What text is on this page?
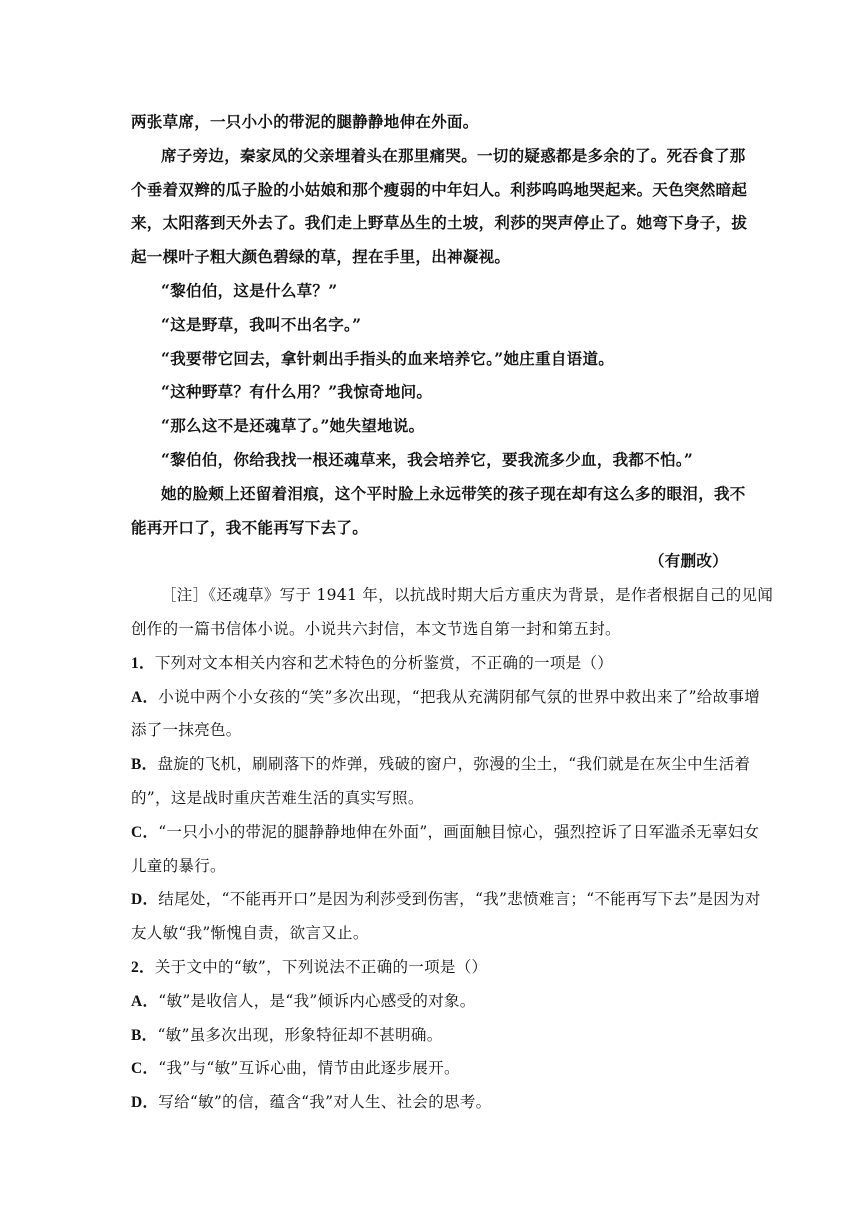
两张草席，一只小小的带泥的腿静静地伸在外面。
席子旁边，秦家凤的父亲埋着头在那里痛哭。一切的疑惑都是多余的了。死吞食了那
个垂着双辫的瓜子脸的小姑娘和那个瘦弱的中年妇人。利莎呜呜地哭起来。天色突然暗起
来，太阳落到天外去了。我们走上野草丛生的土坡，利莎的哭声停止了。她弯下身子，拔
起一棵叶子粗大颜色碧绿的草，捏在手里，出神凝视。
“黎伯伯，这是什么草？”
“这是野草，我叫不出名字。”
“我要带它回去，拿针刺出手指头的血来培养它。”她庄重自语道。
“这种野草？有什么用？”我惊奇地问。
“那么这不是还魂草了。”她失望地说。
“黎伯伯，你给我找一根还魂草来，我会培养它，要我流多少血，我都不怕。”
她的脸颊上还留着泪痕，这个平时脸上永远带笑的孩子现在却有这么多的眼泪，我不
能再开口了，我不能再写下去了。
（有删改）
［注］《还魂草》写于 1941 年，以抗战时期大后方重庆为背景，是作者根据自己的见闻
创作的一篇书信体小说。小说共六封信，本文节选自第一封和第五封。
1．下列对文本相关内容和艺术特色的分析鉴赏，不正确的一项是（）
A．小说中两个小女孩的“笑”多次出现，“把我从充满阴郁气氛的世界中救出来了”给故事增
添了一抹亮色。
B．盘旋的飞机，刷刷落下的炸弹，残破的窗户，弥漫的尘土，“我们就是在灰尘中生活着
的”，这是战时重庆苦难生活的真实写照。
C．“一只小小的带泥的腿静静地伸在外面”，画面触目惊心，强烈控诉了日军滥杀无辜妇女
儿童的暴行。
D．结尾处，“不能再开口”是因为利莎受到伤害，“我”悲愤难言；“不能再写下去”是因为对
友人敏“我”惭愧自责，欲言又止。
2．关于文中的“敏”，下列说法不正确的一项是（）
A．“敏”是收信人，是“我”倾诉内心感受的对象。
B．“敏”虽多次出现，形象特征却不甚明确。
C．“我”与“敏”互诉心曲，情节由此逐步展开。
D．写给“敏”的信，蕴含“我”对人生、社会的思考。
